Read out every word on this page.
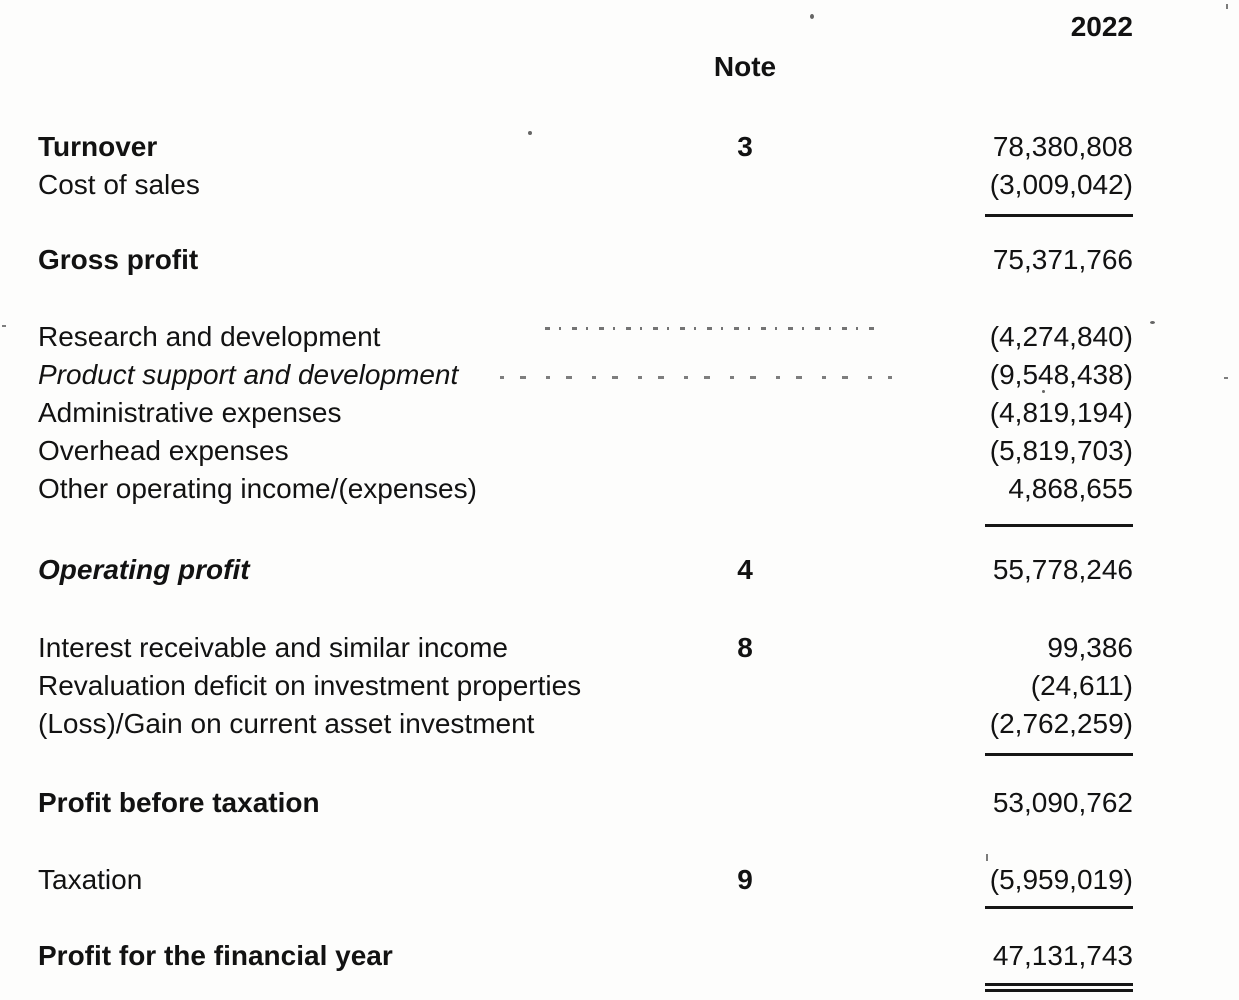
2022
Note
Turnover	3	78,380,808
Cost of sales	(3,009,042)
Gross profit	75,371,766
Research and development	(4,274,840)
Product support and development	(9,548,438)
Administrative expenses	(4,819,194)
Overhead expenses	(5,819,703)
Other operating income/(expenses)	4,868,655
Operating profit	4	55,778,246
Interest receivable and similar income	8	99,386
Revaluation deficit on investment properties	(24,611)
(Loss)/Gain on current asset investment	(2,762,259)
Profit before taxation	53,090,762
Taxation	9	(5,959,019)
Profit for the financial year	47,131,743
